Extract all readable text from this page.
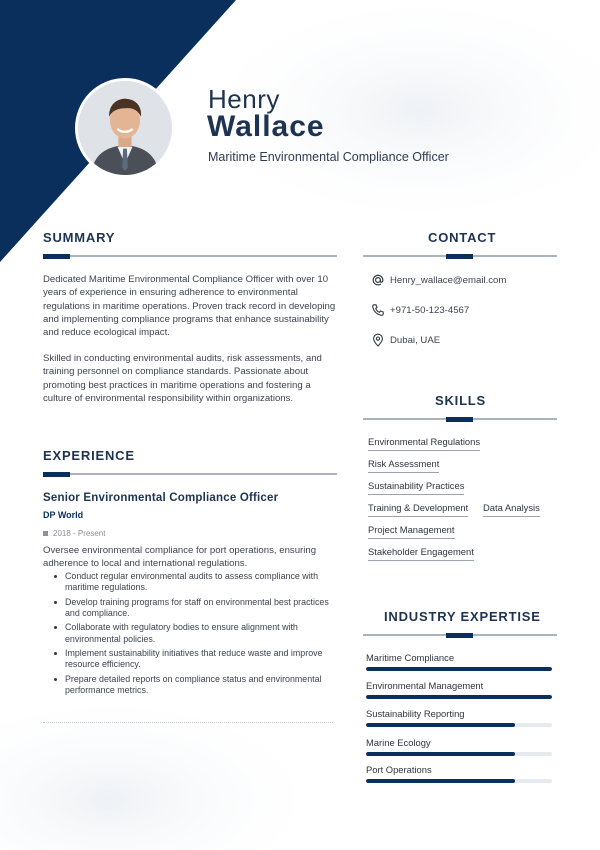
Henry
Wallace
Maritime Environmental Compliance Officer
SUMMARY
Dedicated Maritime Environmental Compliance Officer with over 10 years of experience in ensuring adherence to environmental regulations in maritime operations. Proven track record in developing and implementing compliance programs that enhance sustainability and reduce ecological impact.
Skilled in conducting environmental audits, risk assessments, and training personnel on compliance standards. Passionate about promoting best practices in maritime operations and fostering a culture of environmental responsibility within organizations.
EXPERIENCE
Senior Environmental Compliance Officer
DP World
2018 - Present
Oversee environmental compliance for port operations, ensuring adherence to local and international regulations.
Conduct regular environmental audits to assess compliance with maritime regulations.
Develop training programs for staff on environmental best practices and compliance.
Collaborate with regulatory bodies to ensure alignment with environmental policies.
Implement sustainability initiatives that reduce waste and improve resource efficiency.
Prepare detailed reports on compliance status and environmental performance metrics.
CONTACT
Henry_wallace@email.com
+971-50-123-4567
Dubai, UAE
SKILLS
Environmental Regulations
Risk Assessment
Sustainability Practices
Training & Development Data Analysis
Project Management
Stakeholder Engagement
INDUSTRY EXPERTISE
Maritime Compliance
Environmental Management
Sustainability Reporting
Marine Ecology
Port Operations
